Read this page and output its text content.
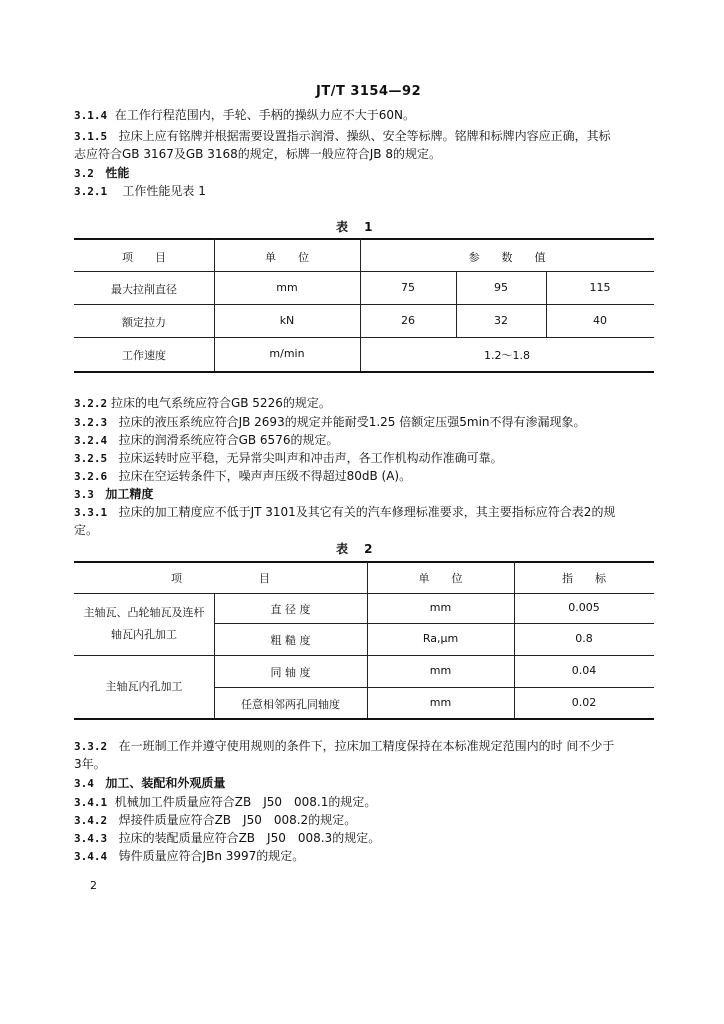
JT/T 3154—92
3.1.4 在工作行程范围内，手轮、手柄的操纵力应不大于60N。
3.1.5 拉床上应有铭牌并根据需要设置指示润滑、操纵、安全等标牌。铭牌和标牌内容应正确，其标
志应符合GB 3167及GB 3168的规定，标牌一般应符合JB 8的规定。
3.2 性能
3.2.1 工作性能见表 1
表 1
项　　目	单　　位	参　　数　　值
最大拉削直径	mm	75	95	115
额定拉力	kN	26	32	40
工作速度	m/min	1.2～1.8
3.2.2 拉床的电气系统应符合GB 5226的规定。
3.2.3 拉床的液压系统应符合JB 2693的规定并能耐受1.25 倍额定压强5min不得有渗漏现象。
3.2.4 拉床的润滑系统应符合GB 6576的规定。
3.2.5 拉床运转时应平稳，无异常尖叫声和冲击声，各工作机构动作准确可靠。
3.2.6 拉床在空运转条件下，噪声声压级不得超过80dB (A)。
3.3 加工精度
3.3.1 拉床的加工精度应不低于JT 3101及其它有关的汽车修理标准要求，其主要指标应符合表2的规
定。
表 2
项　　　　　　　目	单　　位	指　　标
主轴瓦、凸轮轴瓦及连杆
轴瓦内孔加工
直 径 度	mm	0.005
粗 糙 度	Ra,μm	0.8
主轴瓦内孔加工
同 轴 度	mm	0.04
任意相邻两孔同轴度	mm	0.02
3.3.2 在一班制工作并遵守使用规则的条件下，拉床加工精度保持在本标准规定范围内的时 间不少于
3年。
3.4 加工、装配和外观质量
3.4.1 机械加工件质量应符合ZB　J50　008.1的规定。
3.4.2 焊接件质量应符合ZB　J50　008.2的规定。
3.4.3 拉床的装配质量应符合ZB　J50　008.3的规定。
3.4.4 铸件质量应符合JBn 3997的规定。
2
